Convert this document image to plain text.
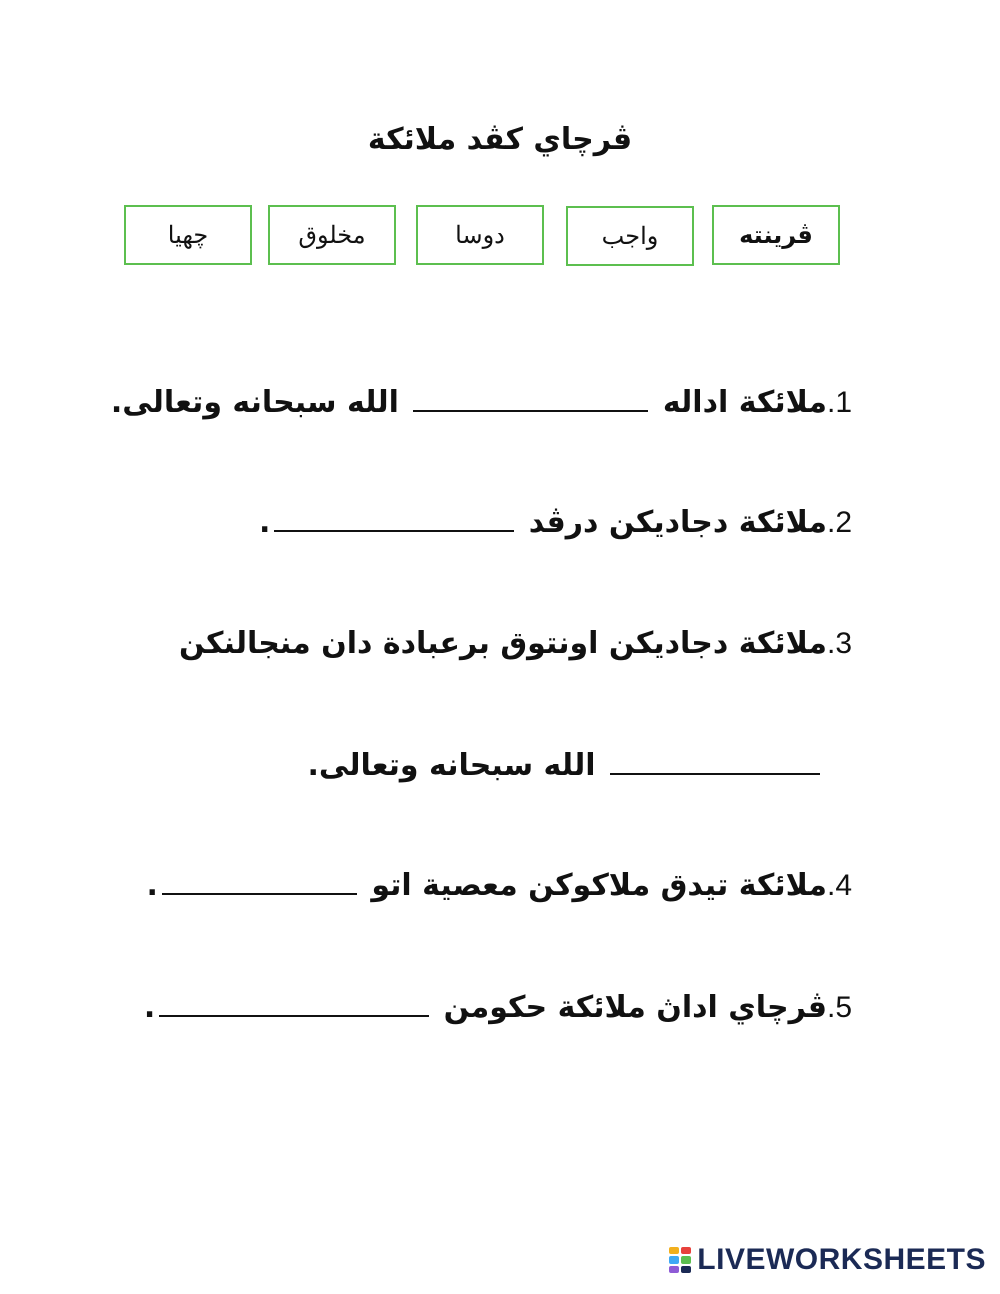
ڤرچاي كڤد ملائكة
ڤرينته
واجب
دوسا
مخلوق
چهيا
1.ملائكة اداله  الله سبحانه وتعالى.
2.ملائكة دجاديكن درڤد .
3.ملائكة دجاديكن اونتوق برعبادة دان منجالنكن
الله سبحانه وتعالى.
4.ملائكة تيدق ملاكوكن معصية اتو .
5.ڤرچاي اداڽ ملائكة حكومن .
LIVEWORKSHEETS
